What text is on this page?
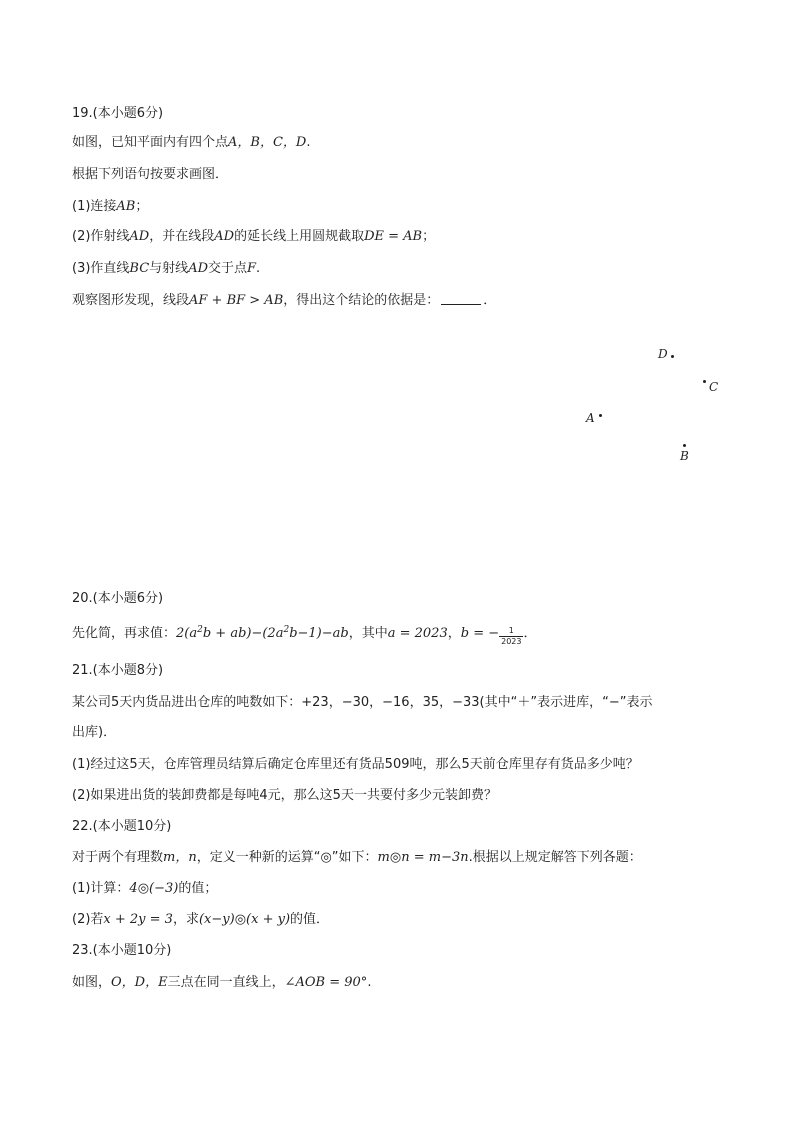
19.(本小题6分)
如图，已知平面内有四个点A，B，C，D.
根据下列语句按要求画图．
(1)连接AB；
(2)作射线AD，并在线段AD的延长线上用圆规截取DE = AB；
(3)作直线BC与射线AD交于点F.
观察图形发现，线段AF + BF > AB，得出这个结论的依据是：	．
D
C
A
B
20.(本小题6分)
先化简，再求值：$2(a^2b + ab)-(2a^2b-1)-ab$，其中a = 2023，b = − $\frac{1}{2023}$ ．
21.(本小题8分)
某公司5天内货品进出仓库的吨数如下：+23，−30，−16，35，−33(其中“＋”表示进库，“−”表示
出库)．
(1)经过这5天，仓库管理员结算后确定仓库里还有货品509吨，那么5天前仓库里存有货品多少吨？
(2)如果进出货的装卸费都是每吨4元，那么这5天一共要付多少元装卸费？
22.(本小题10分)
对于两个有理数m，n，定义一种新的运算“◎”如下：m◎n = m−3n.根据以上规定解答下列各题：
(1)计算：4◎(−3)的值；
(2)若x + 2y = 3，求(x−y)◎(x + y)的值．
23.(本小题10分)
如图，O，D，E三点在同一直线上，∠AOB = 90°.
